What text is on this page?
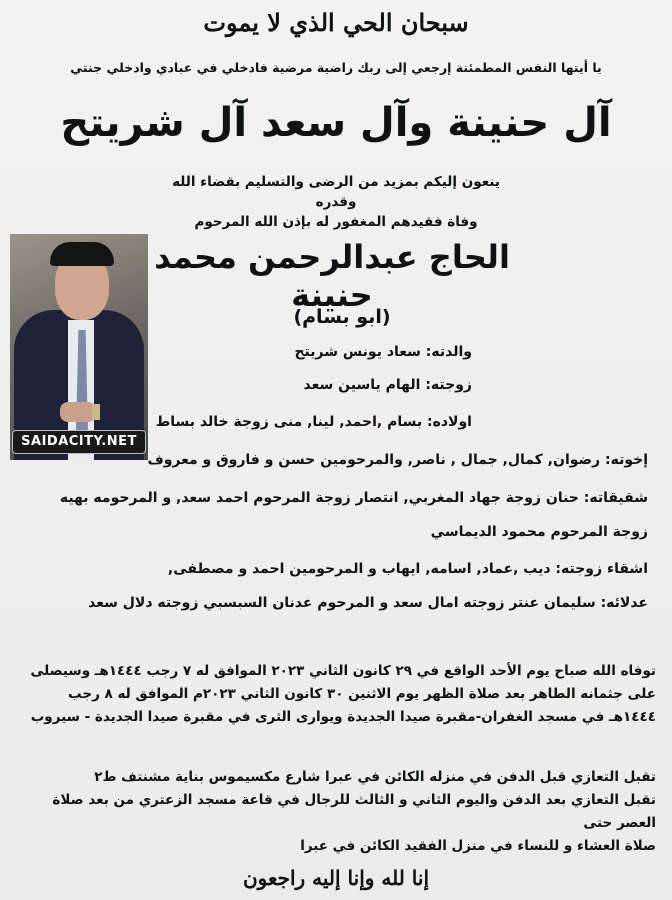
سبحان الحي الذي لا يموت
يا أيتها النفس المطمئنة إرجعي إلى ربك راضية مرضية فادخلي في عبادي وادخلي جنتي
آل حنينة وآل سعد آل شريتح
ينعون إليكم بمزيد من الرضى والتسليم بقضاء الله وقدره
وفاة فقيدهم المغفور له بإذن الله المرحوم
الحاج عبدالرحمن محمد حنينة
(ابو بسام)
SAIDACITY.NET
والدته: سعاد يونس شريتح
زوجته: الهام ياسين سعد
اولاده: بسام ,احمد, لينا, منى زوجة خالد بساط
إخوته: رضوان, كمال, جمال , ناصر, والمرحومين حسن و فاروق و معروف
شقيقاته: حنان زوجة جهاد المغربي, انتصار زوجة المرحوم احمد سعد, و المرحومه بهيه
زوجة المرحوم محمود الديماسي
اشقاء زوجته: ديب ,عماد, اسامه, ايهاب و المرحومين احمد و مصطفى,
عدلائه: سليمان عنتر زوجته امال سعد و المرحوم عدنان السبسبي زوجته دلال سعد
توفاه الله صباح يوم الأحد الواقع في ٢٩ كانون الثاني ٢٠٢٣ الموافق له ٧ رجب ١٤٤٤هـ وسيصلى
على جثمانه الطاهر بعد صلاة الظهر يوم الاثنين ٣٠ كانون الثاني ٢٠٢٣م الموافق له ٨ رجب
١٤٤٤هـ في مسجد الغفران-مقبرة صيدا الجديدة ويوارى الثرى في مقبرة صيدا الجديدة - سيروب
تقبل التعازي قبل الدفن في منزله الكائن في عبرا شارع مكسيموس بناية مشنتف ط٢
تقبل التعازي بعد الدفن واليوم الثاني و الثالث للرجال في قاعة مسجد الزعتري من بعد صلاة العصر حتى
صلاة العشاء و للنساء في منزل الفقيد الكائن في عبرا
إنا لله وإنا إليه راجعون
